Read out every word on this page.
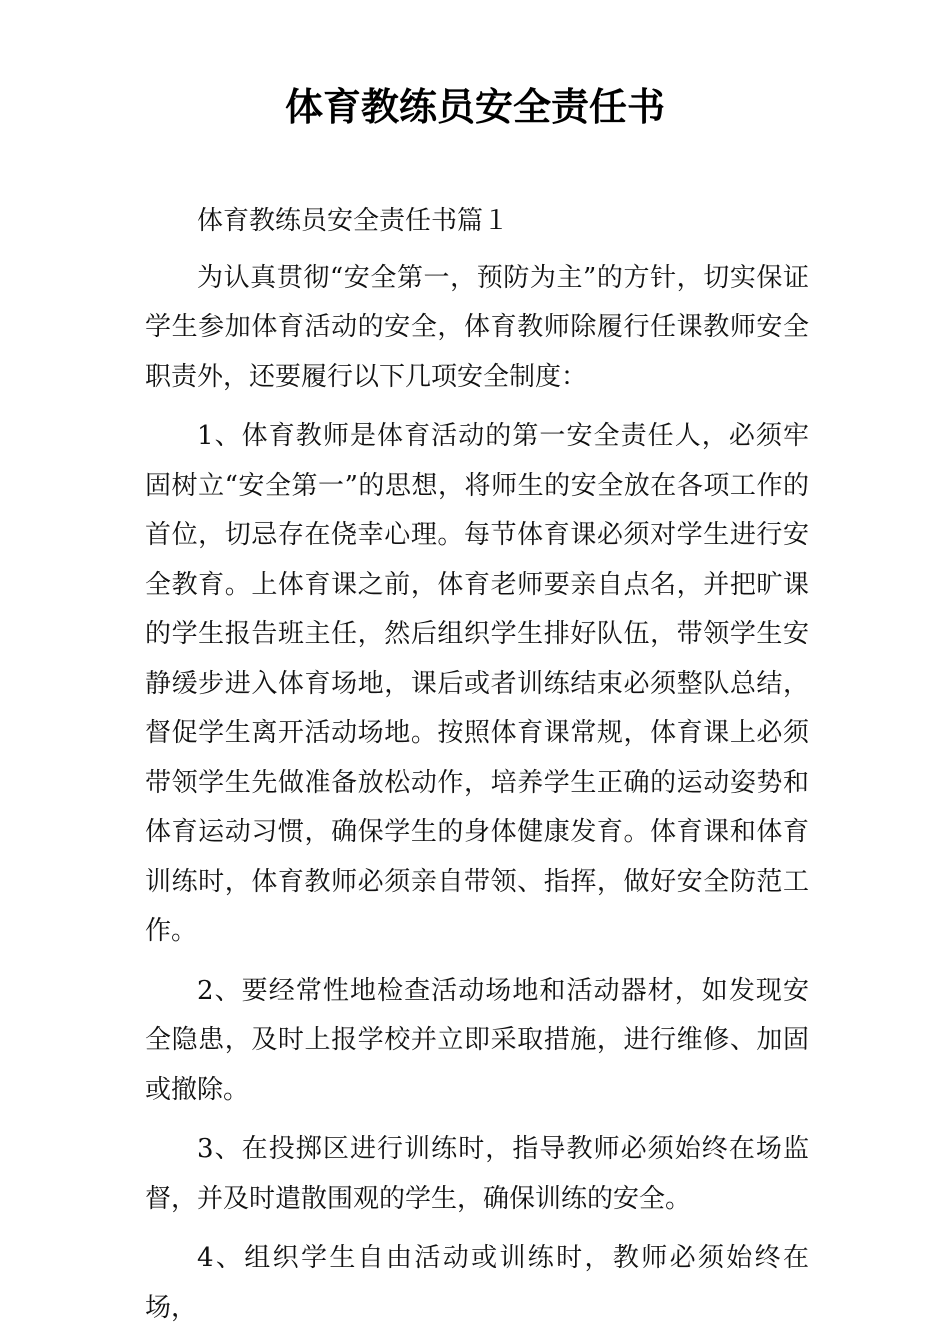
体育教练员安全责任书

体育教练员安全责任书篇１

为认真贯彻“安全第一，预防为主”的方针，切实保证学生参加体育活动的安全，体育教师除履行任课教师安全职责外，还要履行以下几项安全制度：

1、体育教师是体育活动的第一安全责任人，必须牢固树立“安全第一”的思想，将师生的安全放在各项工作的首位，切忌存在侥幸心理。每节体育课必须对学生进行安全教育。上体育课之前，体育老师要亲自点名，并把旷课的学生报告班主任，然后组织学生排好队伍，带领学生安静缓步进入体育场地，课后或者训练结束必须整队总结，督促学生离开活动场地。按照体育课常规，体育课上必须带领学生先做准备放松动作，培养学生正确的运动姿势和体育运动习惯，确保学生的身体健康发育。体育课和体育训练时，体育教师必须亲自带领、指挥，做好安全防范工作。

2、要经常性地检查活动场地和活动器材，如发现安全隐患，及时上报学校并立即采取措施，进行维修、加固或撤除。

3、在投掷区进行训练时，指导教师必须始终在场监督，并及时遣散围观的学生，确保训练的安全。

4、组织学生自由活动或训练时，教师必须始终在场，
